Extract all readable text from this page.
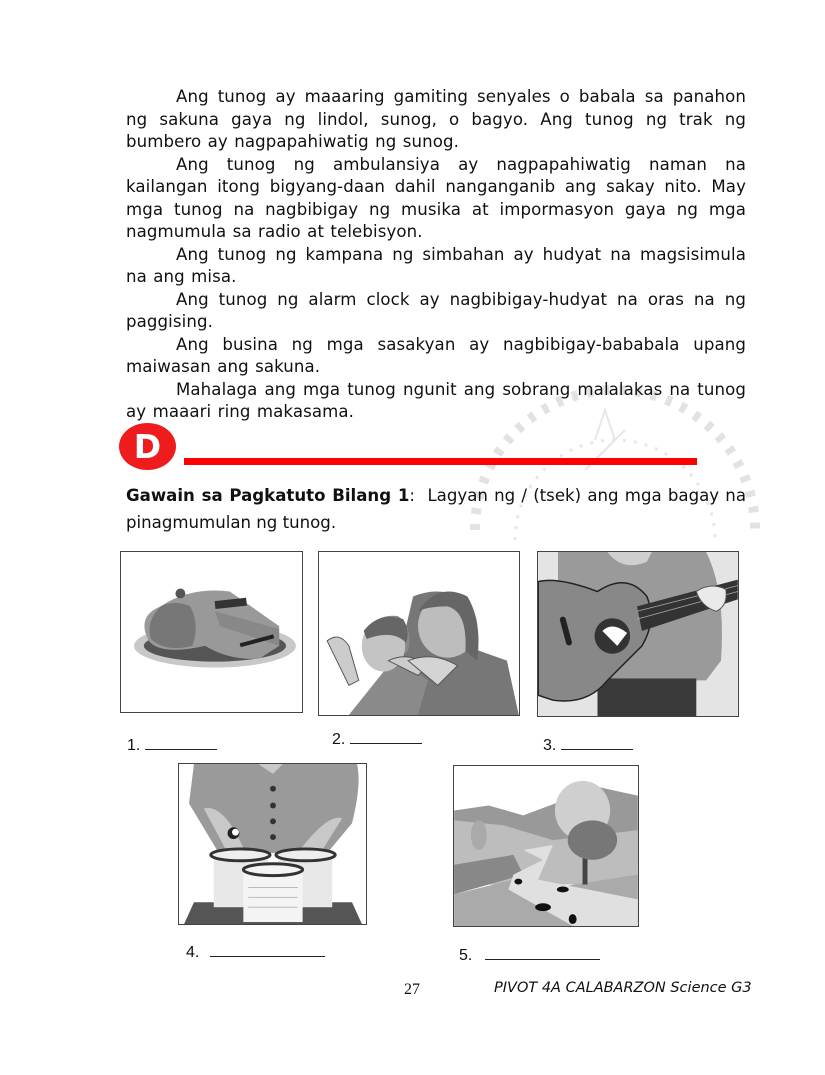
Ang tunog ay maaaring gamiting senyales o babala sa panahon ng sakuna gaya ng lindol, sunog, o bagyo. Ang tunog ng trak ng bumbero ay nagpapahiwatig ng sunog.

Ang tunog ng ambulansiya ay nagpapahiwatig naman na kailangan itong bigyang-daan dahil nanganganib ang sakay nito. May mga tunog na nagbibigay ng musika at impormasyon gaya ng mga nagmumula sa radio at telebisyon.

Ang tunog ng kampana ng simbahan ay hudyat na magsisimula na ang misa.

Ang tunog ng alarm clock ay nagbibigay-hudyat na oras na ng paggising.

Ang busina ng mga sasakyan ay nagbibigay-bababala upang maiwasan ang sakuna.

Mahalaga ang mga tunog ngunit ang sobrang malalakas na tunog ay maaari ring makasama.

D

Gawain sa Pagkatuto Bilang 1: Lagyan ng / (tsek) ang mga bagay na pinagmumulan ng tunog.

1.	2.	3.
4.	5.
27	PIVOT 4A CALABARZON Science G3
